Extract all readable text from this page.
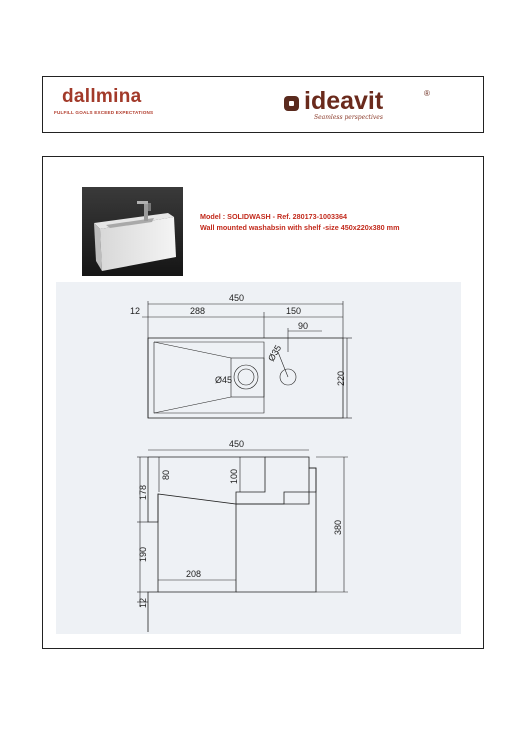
dallmina
FULFILL GOALS EXCEED EXPECTATIONS	ideavit	®
Seamless perspectives
Model : SOLIDWASH - Ref. 280173-1003364
Wall mounted washabsin with shelf -size 450x220x380 mm
450
12	288	150
90
Ø45
Ø35
220
450
80	100
178
190
12
208
380
